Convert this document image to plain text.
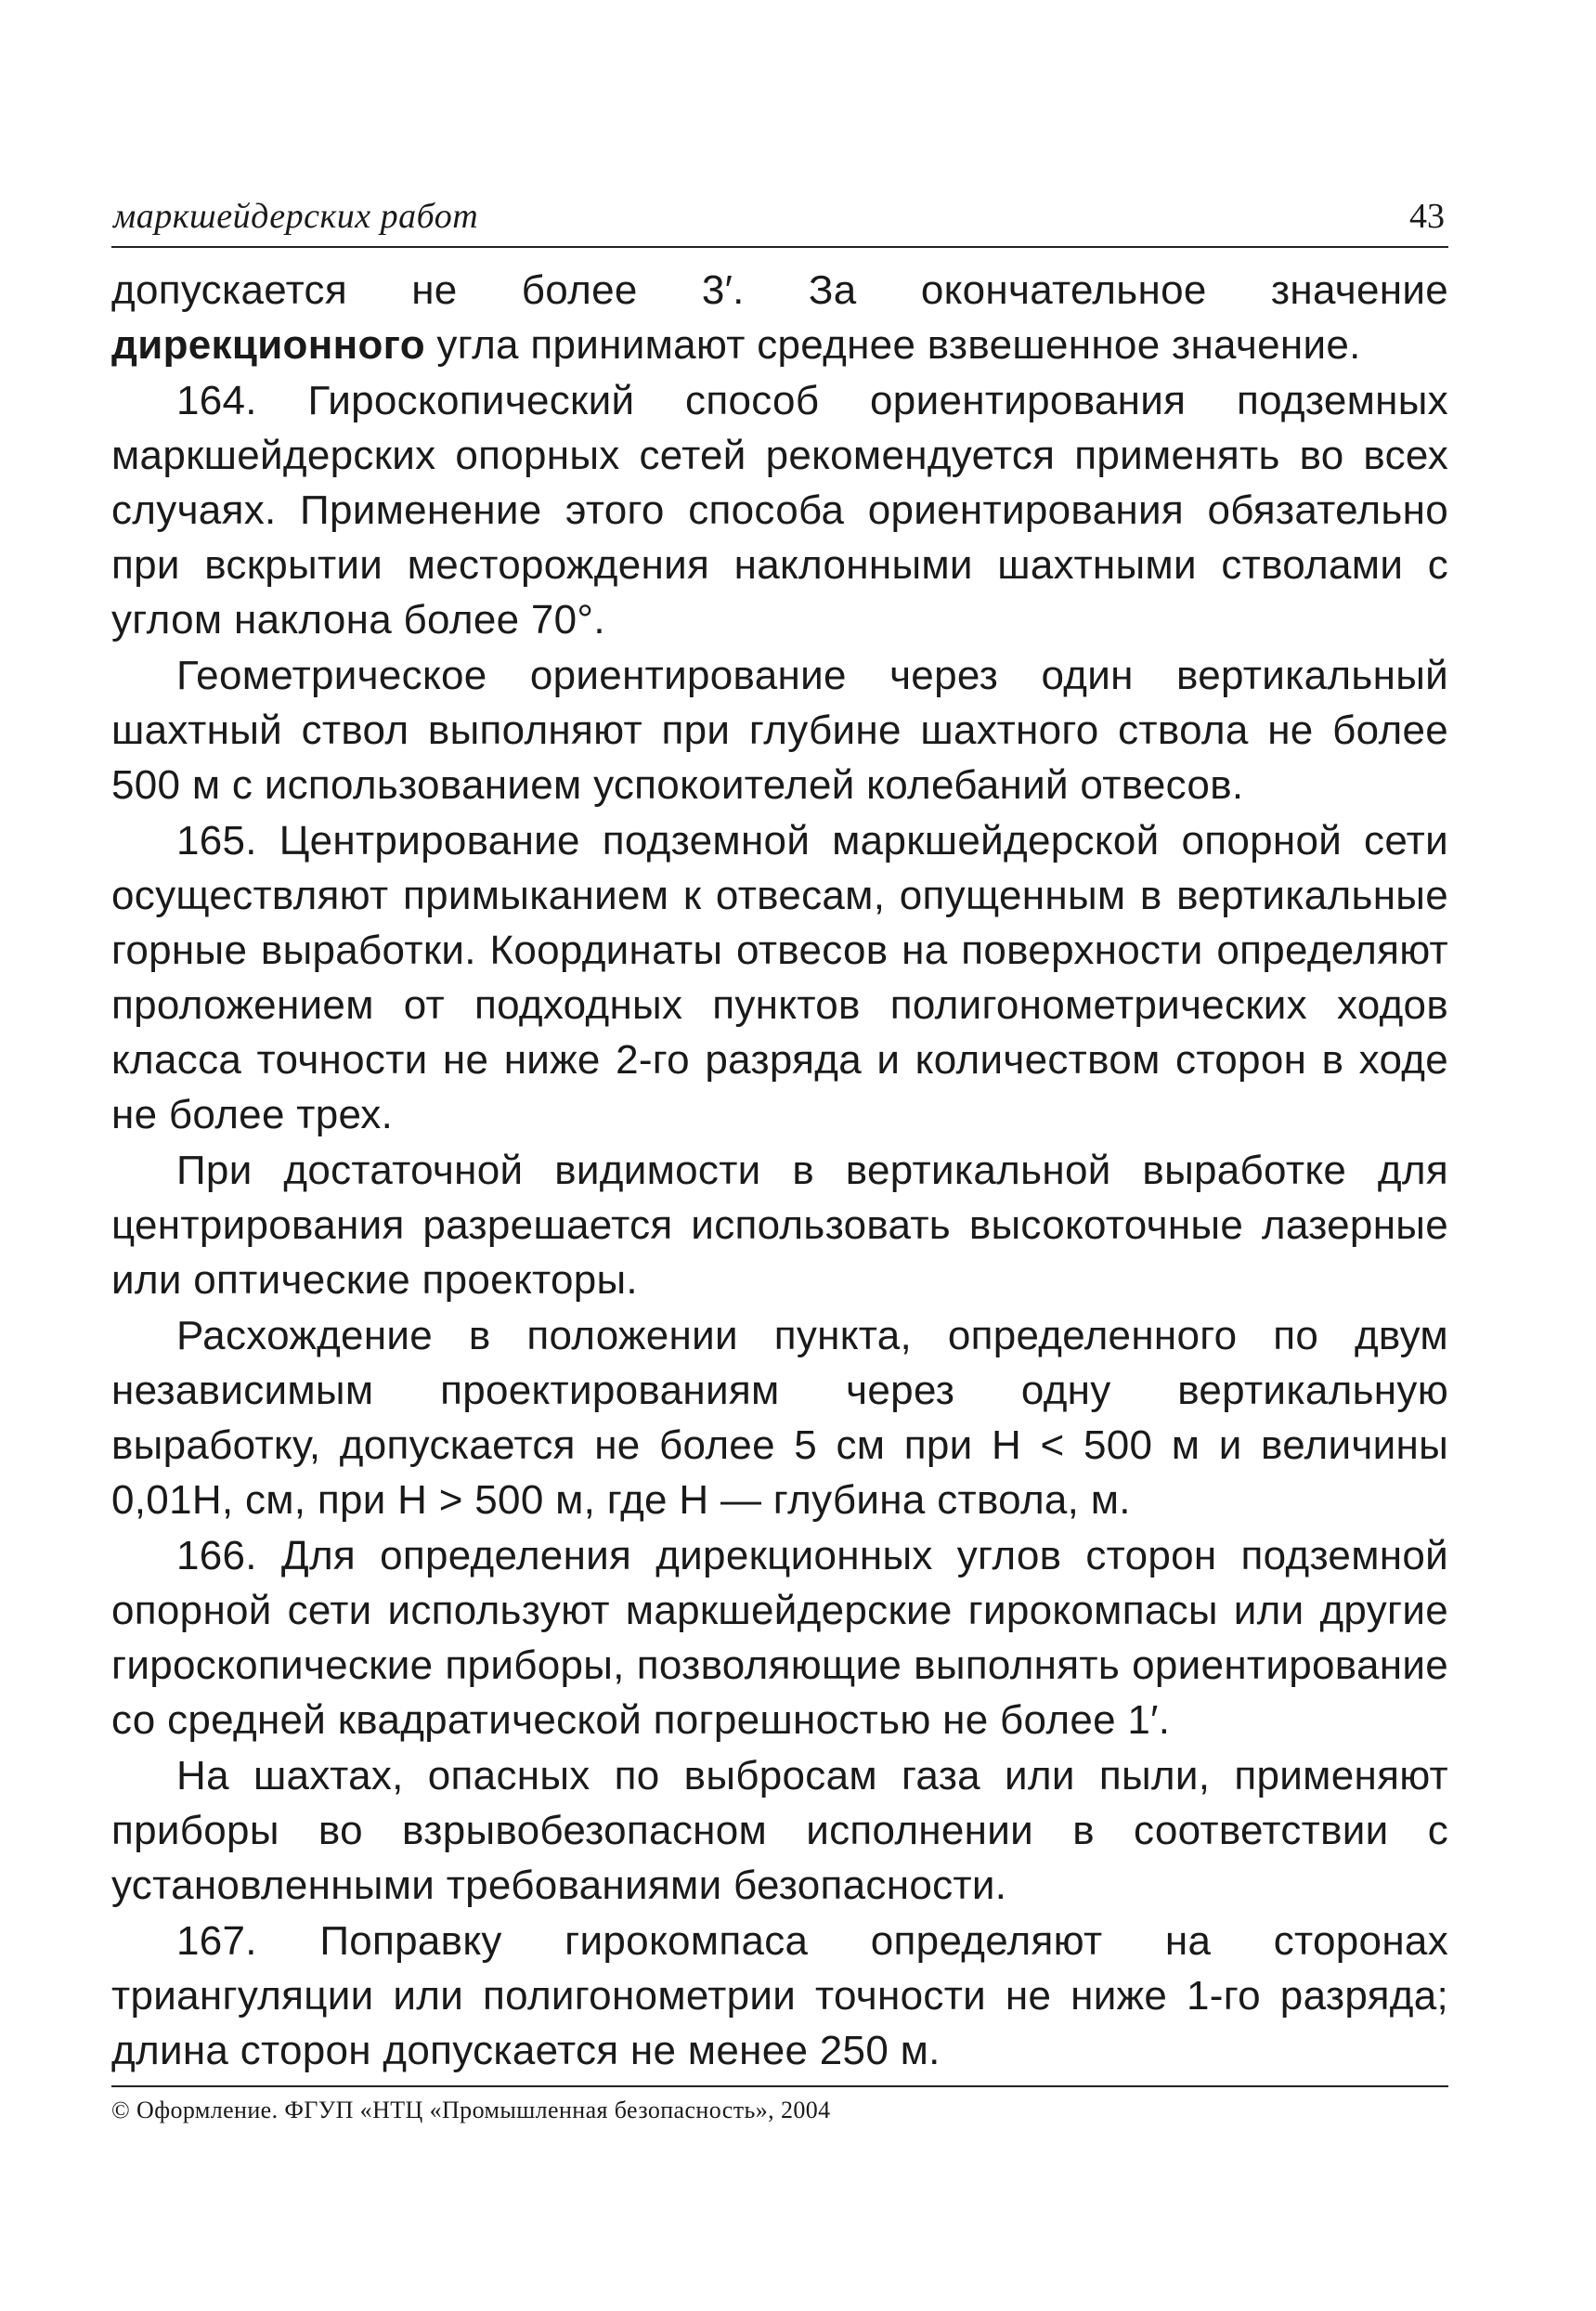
маркшейдерских работ	43

допускается не более 3′. За окончательное значение дирекционного угла принимают среднее взвешенное значение.

164. Гироскопический способ ориентирования подземных маркшейдерских опорных сетей рекомендуется применять во всех случаях. Применение этого способа ориентирования обязательно при вскрытии месторождения наклонными шахтными стволами с углом наклона более 70°.

Геометрическое ориентирование через один вертикальный шахтный ствол выполняют при глубине шахтного ствола не более 500 м с использованием успокоителей колебаний отвесов.

165. Центрирование подземной маркшейдерской опорной сети осуществляют примыканием к отвесам, опущенным в вертикальные горные выработки. Координаты отвесов на поверхности определяют проложением от подходных пунктов полигонометрических ходов класса точности не ниже 2-го разряда и количеством сторон в ходе не более трех.

При достаточной видимости в вертикальной выработке для центрирования разрешается использовать высокоточные лазерные или оптические проекторы.

Расхождение в положении пункта, определенного по двум независимым проектированиям через одну вертикальную выработку, допускается не более 5 см при H < 500 м и величины 0,01H, см, при H > 500 м, где H — глубина ствола, м.

166. Для определения дирекционных углов сторон подземной опорной сети используют маркшейдерские гирокомпасы или другие гироскопические приборы, позволяющие выполнять ориентирование со средней квадратической погрешностью не более 1′.

На шахтах, опасных по выбросам газа или пыли, применяют приборы во взрывобезопасном исполнении в соответствии с установленными требованиями безопасности.

167. Поправку гирокомпаса определяют на сторонах триангуляции или полигонометрии точности не ниже 1-го разряда; длина сторон допускается не менее 250 м.

© Оформление. ФГУП «НТЦ «Промышленная безопасность», 2004
